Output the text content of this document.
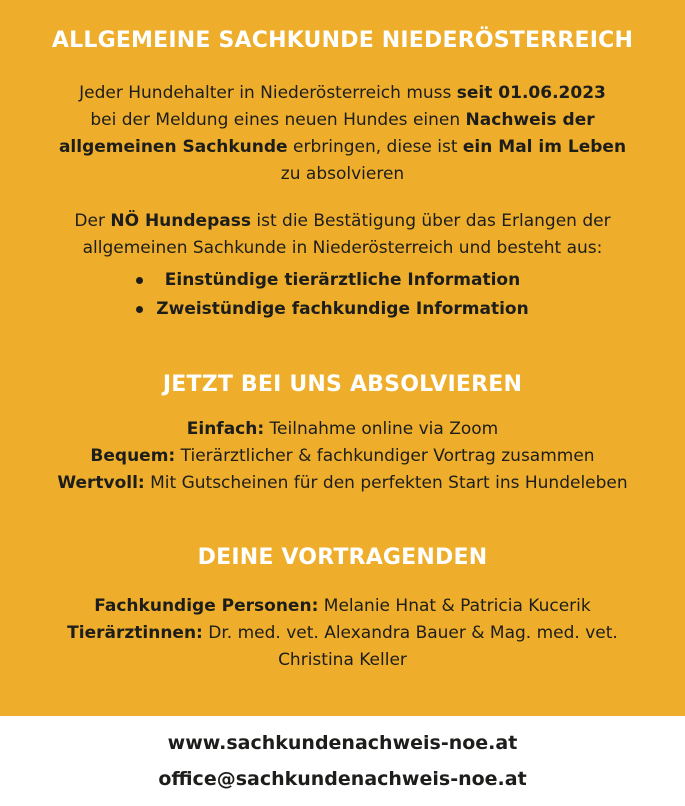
ALLGEMEINE SACHKUNDE NIEDERÖSTERREICH
Jeder Hundehalter in Niederösterreich muss seit 01.06.2023
bei der Meldung eines neuen Hundes einen Nachweis der
allgemeinen Sachkunde erbringen, diese ist ein Mal im Leben
zu absolvieren
Der NÖ Hundepass ist die Bestätigung über das Erlangen der
allgemeinen Sachkunde in Niederösterreich und besteht aus:
Einstündige tierärztliche Information
Zweistündige fachkundige Information
JETZT BEI UNS ABSOLVIEREN
Einfach: Teilnahme online via Zoom
Bequem: Tierärztlicher & fachkundiger Vortrag zusammen
Wertvoll: Mit Gutscheinen für den perfekten Start ins Hundeleben
DEINE VORTRAGENDEN
Fachkundige Personen: Melanie Hnat & Patricia Kucerik
Tierärztinnen: Dr. med. vet. Alexandra Bauer & Mag. med. vet.
Christina Keller
www.sachkundenachweis-noe.at
office@sachkundenachweis-noe.at
